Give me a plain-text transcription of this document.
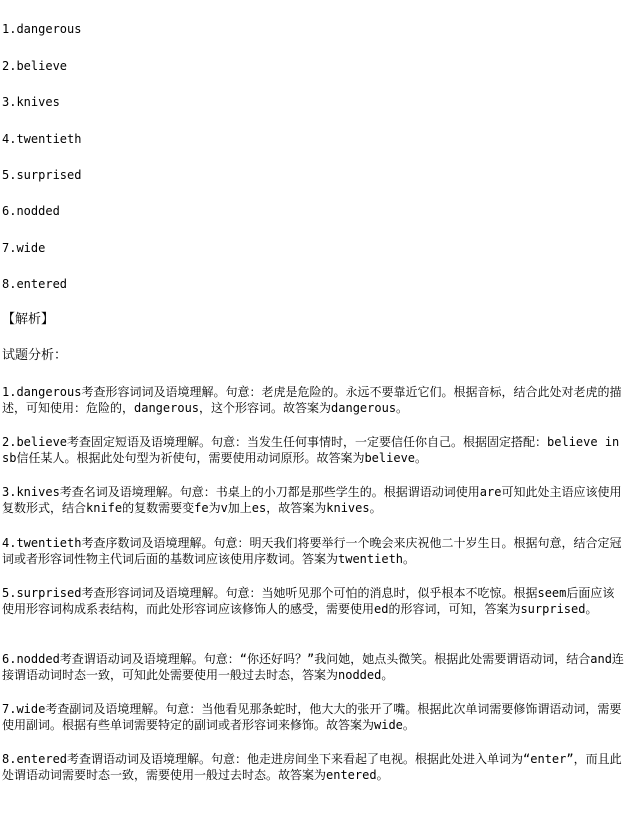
1.dangerous
2.believe
3.knives
4.twentieth
5.surprised
6.nodded
7.wide
8.entered
【解析】
试题分析：
1.dangerous考查形容词词及语境理解。句意：老虎是危险的。永远不要靠近它们。根据音标，结合此处对老虎的描述，可知使用：危险的，dangerous，这个形容词。故答案为dangerous。
2.believe考查固定短语及语境理解。句意：当发生任何事情时，一定要信任你自己。根据固定搭配：believe in sb信任某人。根据此处句型为祈使句，需要使用动词原形。故答案为believe。
3.knives考查名词及语境理解。句意：书桌上的小刀都是那些学生的。根据谓语动词使用are可知此处主语应该使用复数形式，结合knife的复数需要变fe为v加上es，故答案为knives。
4.twentieth考查序数词及语境理解。句意：明天我们将要举行一个晚会来庆祝他二十岁生日。根据句意，结合定冠词或者形容词性物主代词后面的基数词应该使用序数词。答案为twentieth。
5.surprised考查形容词词及语境理解。句意：当她听见那个可怕的消息时，似乎根本不吃惊。根据seem后面应该使用形容词构成系表结构，而此处形容词应该修饰人的感受，需要使用ed的形容词，可知，答案为surprised。
6.nodded考查谓语动词及语境理解。句意：“你还好吗？”我问她，她点头微笑。根据此处需要谓语动词，结合and连接谓语动词时态一致，可知此处需要使用一般过去时态，答案为nodded。
7.wide考查副词及语境理解。句意：当他看见那条蛇时，他大大的张开了嘴。根据此次单词需要修饰谓语动词，需要使用副词。根据有些单词需要特定的副词或者形容词来修饰。故答案为wide。
8.entered考查谓语动词及语境理解。句意：他走进房间坐下来看起了电视。根据此处进入单词为“enter”，而且此处谓语动词需要时态一致，需要使用一般过去时态。故答案为entered。
